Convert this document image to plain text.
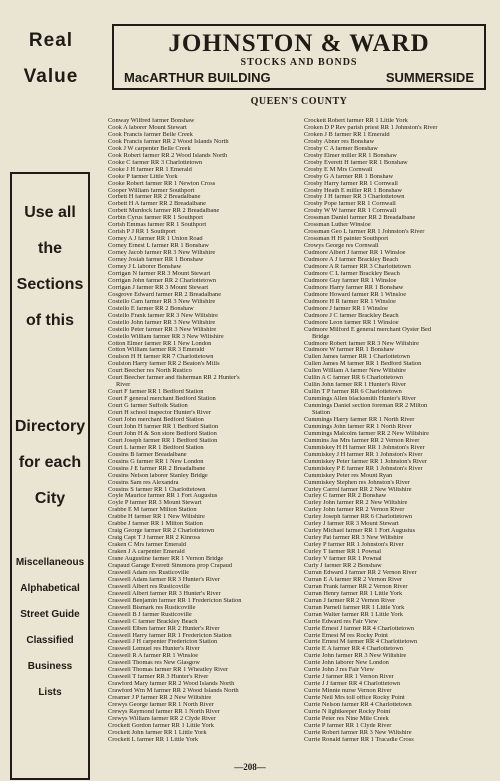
Real
Value
Use all
the
Sections
of this
Directory
for each
City
Miscellaneous
Alphabetical
Street Guide
Classified
Business
Lists
JOHNSTON & WARD
STOCKS AND BONDS
MacARTHUR BUILDING	SUMMERSIDE
QUEEN'S COUNTY
Conway Wilfred farmer Bonshaw
Cook A laborer Mount Stewart
Cook Francis farmer Belle Creek
Cook Francis farmer RR 2 Wood Islands North
Cook J W carpenter Belle Creek
Cook Robert farmer RR 2 Wood Islands North
Cooke C farmer RR 3 Charlottetown
Cooke J H farmer RR 1 Emerald
Cooke P farmer Little York
Cooke Robert farmer RR 1 Newton Cross
Cooper William farmer Southport
Corbett H farmer RR 2 Breadalbane
Corbett H A farmer RR 2 Breadalbane
Corbett Murdock farmer RR 2 Breadalbane
Corbin Cyrus farmer RR 1 Southport
Corish Emmas farmer RR 1 Southport
Corish P J RR 1 Southport
Corney A J farmer RR 1 Union Road
Corney Ernest L farmer RR 1 Bonshaw
Corney Jacob farmer RR 3 New Wiltshire
Corney Josiah farmer RR 1 Bonshaw
Corney J L laborer Bonshaw
Corrigan N farmer RR 3 Mount Stewart
Corrigan John farmer RR 2 Charlottetown
Corrigan J farmer RR 3 Mount Stewart
Cosgrove Edward farmer RR 2 Breadalbane
Costello Cam farmer RR 3 New Wiltshire
Costello E farmer RR 2 Bonshaw
Costello Frank farmer RR 3 New Wiltshire
Costello John farmer RR 3 New Wiltshire
Costello Peter farmer RR 3 New Wiltshire
Costello William farmer RR 3 New Wiltshire
Cotton Elmer farmer RR 1 New London
Cotton William farmer RR 3 Emerald
Coulson H H farmer RR 7 Charlottetown
Coulston Harry farmer RR 2 Beaton's Mills
Court Beecher res North Rustico
Court Beecher farmer and fisherman RR 2 Hunter's
River
Court F farmer RR 1 Bedford Station
Court F general merchant Bedford Station
Court G farmer Suffolk Station
Court H school inspector Hunter's River
Court John merchant Bedford Station
Court John H farmer RR 1 Bedford Station
Court John H & Son store Bedford Station
Court Joseph farmer RR 1 Bedford Station
Court L farmer RR 1 Bedford Station
Cousins B farmer Breadalbane
Cousins G farmer RR 1 New London
Cousins J E farmer RR 2 Breadalbane
Cousins Nelson laborer Stanley Bridge
Cousins Sam res Alexandra
Cousins S farmer RR 1 Charlottetown
Coyle Maurice farmer RR 1 Fort Augustus
Coyle P farmer RR 3 Mount Stewart
Crabbe E M farmer Milton Station
Crabbe H farmer RR 1 New Wiltshire
Crabbe J farmer RR 1 Milton Station
Craig George farmer RR 2 Charlottetown
Craig Capt T J farmer RR 2 Kinross
Craken C Mrs farmer Emerald
Craken J A carpenter Emerald
Crane Augustine farmer RR 1 Vernon Bridge
Crapaud Garage Everett Simmons prop Crapaud
Craswell Adam res Rusticoville
Craswell Adam farmer RR 3 Hunter's River
Craswell Albert res Rusticoville
Craswell Albert farmer RR 3 Hunter's River
Craswell Benjamin farmer RR 1 Fredericton Station
Craswell Bismark res Rusticoville
Craswell B J farmer Rusticoville
Craswell C farmer Brackley Beach
Craswell Elben farmer RR 2 Hunter's River
Craswell Harry farmer RR 1 Fredericton Station
Craswell J H carpenter Fredericton Station
Craswell Lemuel res Hunter's River
Craswell R A farmer RR 1 Winsloe
Craswell Thomas res New Glasgow
Craswell Thomas farmer RR 1 Wheatley River
Craswell T farmer RR 3 Hunter's River
Crawford Mary farmer RR 2 Wood Islands North
Crawford Wm M farmer RR 2 Wood Islands North
Creamer J P farmer RR 2 New Wiltshire
Crewys George farmer RR 1 North River
Crewys Raymond farmer RR 1 North River
Crewys William farmer RR 2 Clyde River
Crockett Gordon farmer RR 1 Little York
Crockett John farmer RR 1 Little York
Crockett L farmer RR 1 Little York
Crockett Robert farmer RR 1 Little York
Croken D P Rev parish priest RR 1 Johnston's River
Croken J B farmer RR 1 Emerald
Crosby Abner res Bonshaw
Crosby C A farmer Bonshaw
Crosby Elmer miller RR 1 Bonshaw
Crosby Everett H farmer RR 1 Bonshaw
Crosby E M Mrs Cornwall
Crosby G A farmer RR 1 Bonshaw
Crosby Harry farmer RR 1 Cornwall
Crosby Heath E miller RR 1 Bonshaw
Crosby J H farmer RR 3 Charlottetown
Crosby Pope farmer RR 1 Cornwall
Crosby W W farmer RR 1 Cornwall
Crossman Daniel farmer RR 2 Breadalbane
Crossman Luther Winsloe
Crossman Geo L farmer RR 1 Johnston's River
Crossman H H painter Southport
Crowys George res Cornwall
Cudmore Albert J farmer RR 1 Winsloe
Cudmore A J farmer Brackley Beach
Cudmore A R farmer RR 3 Charlottetown
Cudmore C L farmer Brackley Beach
Cudmore Guy farmer RR 1 Winsloe
Cudmore Harry farmer RR 1 Bonshaw
Cudmore Howard farmer RR 1 Winsloe
Cudmore H R farmer RR 1 Winsloe
Cudmore J farmer RR 1 Winsloe
Cudmore J C farmer Brackley Beach
Cudmore Leon farmer RR 1 Winsloe
Cudmore Milford E general merchant Oyster Bed
Bridge
Cudmore Robert farmer RR 3 New Wiltshire
Cudmore W farmer RR 1 Bonshaw
Cullen James farmer RR 1 Charlottetown
Cullen James M farmer RR 1 Bedford Station
Cullen William A farmer New Wiltshire
Cullin A C farmer RR 6 Charlottetown
Cullin John farmer RR 1 Hunter's River
Cullin T P farmer RR 6 Charlottetown
Cummings Allen blacksmith Hunter's River
Cummings Daniel section foreman RR 2 Milton
Station
Cummings Harry farmer RR 1 North River
Cummings John farmer RR 1 North River
Cummings Malcolm farmer RR 2 New Wiltshire
Cummins Jas Mrs farmer RR 2 Vernon River
Cummiskey H H farmer RR 1 Johnston's River
Cummiskey J H farmer RR 1 Johnston's River
Cummiskey Peter farmer RR 1 Johnston's River
Cummiskey P E farmer RR 1 Johnston's River
Cummiskey Peter res Mount Ryan
Cummiskey Stephen res Johnston's River
Curley Carrol farmer RR 2 New Wiltshire
Curley C farmer RR 2 Bonshaw
Curley John farmer RR 2 New Wiltshire
Curley John farmer RR 2 Vernon River
Curley Joseph farmer RR 6 Charlottetown
Curley J farmer RR 3 Mount Stewart
Curley Michael farmer RR 1 Fort Augustus
Curley Pat farmer RR 3 New Wiltshire
Curley P farmer RR 1 Johnston's River
Curley T farmer RR 1 Pownal
Curley V farmer RR 1 Pownal
Curly J farmer RR 2 Bonshaw
Curran Edward J farmer RR 2 Vernon River
Curran E A farmer RR 2 Vernon River
Curran Frank farmer RR 2 Vernon River
Curran Henry farmer RR 1 Little York
Curran J farmer RR 2 Vernon River
Curran Parnell farmer RR 1 Little York
Curran Walter farmer RR 1 Little York
Currie Edward res Fair View
Currie Ernest J farmer RR 4 Charlottetown
Currie Ernest M res Rocky Point
Currie Ernest M farmer RR 4 Charlottetown
Currie E A farmer RR 4 Charlottetown
Currie John farmer RR 3 New Wiltshire
Currie John laborer New London
Currie John J res Fair View
Currie J farmer RR 1 Vernon River
Currie J J farmer RR 4 Charlottetown
Currie Minnie nurse Vernon River
Currie Neil Mrs toll office Rocky Point
Currie Nelson farmer RR 4 Charlottetown
Currie N lightkeeper Rocky Point
Currie Peter res Nine Mile Creek
Currie P farmer RR 1 Clyde River
Currie Robert farmer RR 3 New Wiltshire
Currie Ronald farmer RR 1 Tracadie Cross
—208—
